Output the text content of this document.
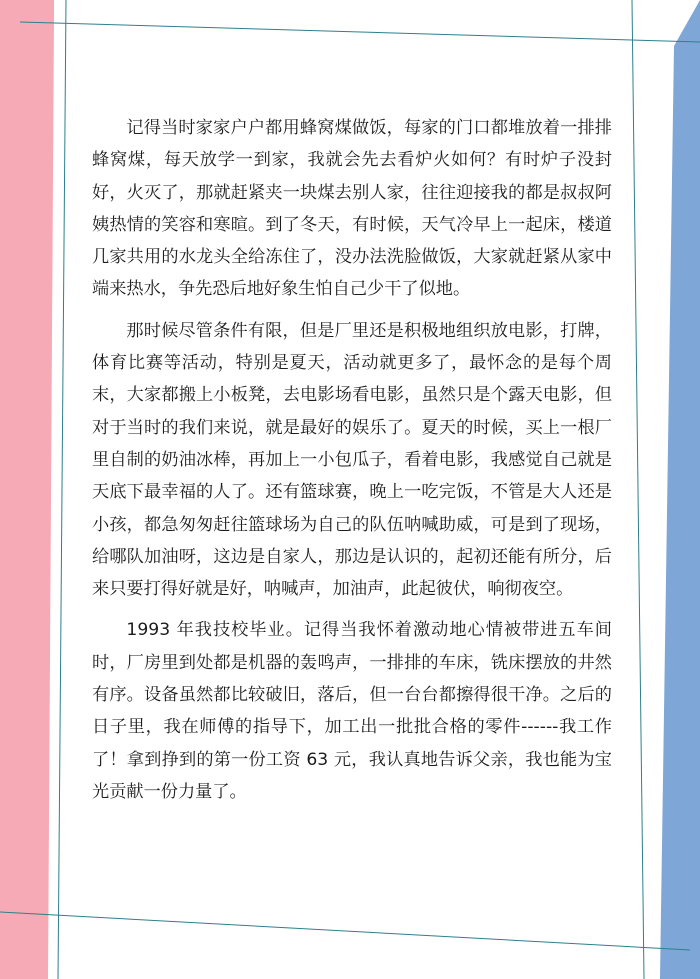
记得当时家家户户都用蜂窝煤做饭，每家的门口都堆放着一排排蜂窝煤，每天放学一到家，我就会先去看炉火如何？有时炉子没封好，火灭了，那就赶紧夹一块煤去别人家，往往迎接我的都是叔叔阿姨热情的笑容和寒暄。到了冬天，有时候，天气冷早上一起床，楼道几家共用的水龙头全给冻住了，没办法洗脸做饭，大家就赶紧从家中端来热水，争先恐后地好象生怕自己少干了似地。

那时候尽管条件有限，但是厂里还是积极地组织放电影，打牌，体育比赛等活动，特别是夏天，活动就更多了，最怀念的是每个周末，大家都搬上小板凳，去电影场看电影，虽然只是个露天电影，但对于当时的我们来说，就是最好的娱乐了。夏天的时候，买上一根厂里自制的奶油冰棒，再加上一小包瓜子，看着电影，我感觉自己就是天底下最幸福的人了。还有篮球赛，晚上一吃完饭，不管是大人还是小孩，都急匆匆赶往篮球场为自己的队伍呐喊助威，可是到了现场，给哪队加油呀，这边是自家人，那边是认识的，起初还能有所分，后来只要打得好就是好，呐喊声，加油声，此起彼伏，响彻夜空。

1993 年我技校毕业。记得当我怀着激动地心情被带进五车间时，厂房里到处都是机器的轰鸣声，一排排的车床，铣床摆放的井然有序。设备虽然都比较破旧，落后，但一台台都擦得很干净。之后的日子里，我在师傅的指导下，加工出一批批合格的零件------我工作了！拿到挣到的第一份工资 63 元，我认真地告诉父亲，我也能为宝光贡献一份力量了。
